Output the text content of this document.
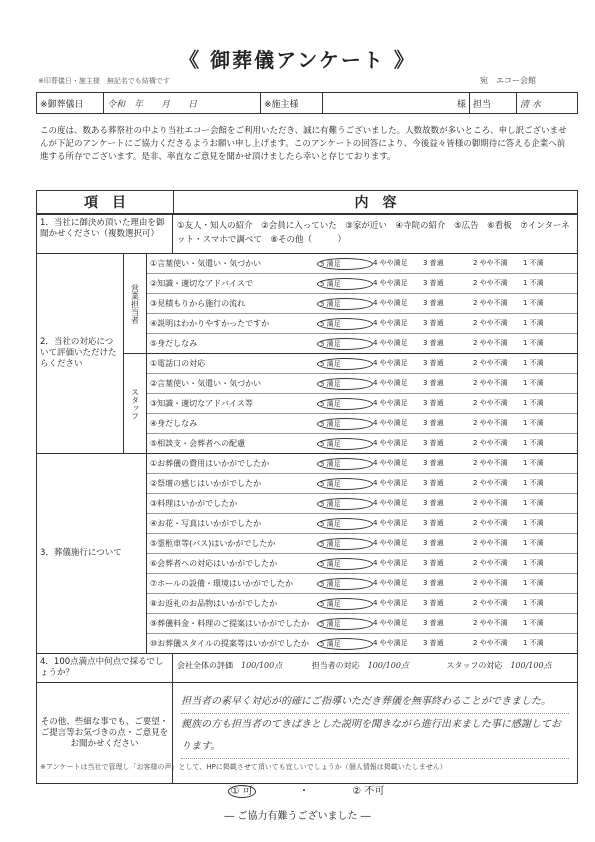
《 御葬儀アンケート 》
※印葬儀日・施主様　無記名でも結構です	宛　エコー会館
※御葬儀日	令和　年　　月　　日	※施主様	様 担当	清 水
この度は、数ある葬祭社の中より当社エコー会館をご利用いただき、誠に有難うございました。人数故数が多いところ、申し訳ございませんが下記のアンケートにご協力くださるようお願い申し上げます。このアンケートの回答により、今後益々皆様の御期待に答える企業へ前進する所存でございます。是非、率直なご意見を聞かせ頂けましたら幸いと存じております。
項　目	内　容
1．当社に御決め頂いた理由を御聞かせください（複数選択可）
①友人・知人の紹介　②会員に入っていた　③家が近い　④寺院の紹介　⑤広告　⑥看板　⑦インターネット・スマホで調べて　⑧その他（　　　）
2．当社の対応について評価いただけたらください
営業担当者
①言葉使い・気遣い・気づかい	5 満足	4 やや満足	3 普通	2 やや不満	1 不満
②知識・適切なアドバイスで	5 満足	4 やや満足	3 普通	2 やや不満	1 不満
③見積もりから施行の流れ	5 満足	4 やや満足	3 普通	2 やや不満	1 不満
④説明はわかりやすかったですか	5 満足	4 やや満足	3 普通	2 やや不満	1 不満
⑤身だしなみ	5 満足	4 やや満足	3 普通	2 やや不満	1 不満
スタッフ
①電話口の対応	5 満足	4 やや満足	3 普通	2 やや不満	1 不満
②言葉使い・気遣い・気づかい	5 満足	4 やや満足	3 普通	2 やや不満	1 不満
③知識・適切なアドバイス等	5 満足	4 やや満足	3 普通	2 やや不満	1 不満
④身だしなみ	5 満足	4 やや満足	3 普通	2 やや不満	1 不満
⑤相談支・会葬者への配慮	5 満足	4 やや満足	3 普通	2 やや不満	1 不満
3．葬儀施行について
①お葬儀の費用はいかがでしたか	5 満足	4 やや満足	3 普通	2 やや不満	1 不満
②祭壇の感じはいかがでしたか	5 満足	4 やや満足	3 普通	2 やや不満	1 不満
③料理はいかがでしたか	5 満足	4 やや満足	3 普通	2 やや不満	1 不満
④お花・写真はいかがでしたか	5 満足	4 やや満足	3 普通	2 やや不満	1 不満
⑤霊柩車等(バス)はいかがでしたか	5 満足	4 やや満足	3 普通	2 やや不満	1 不満
⑥会葬者への対応はいかがでしたか	5 満足	4 やや満足	3 普通	2 やや不満	1 不満
⑦ホールの設備・環境はいかがでしたか	5 満足	4 やや満足	3 普通	2 やや不満	1 不満
⑧お返礼のお品物はいかがでしたか	5 満足	4 やや満足	3 普通	2 やや不満	1 不満
⑨葬儀料金・料理のご提案はいかがでしたか	5 満足	4 やや満足	3 普通	2 やや不満	1 不満
⑩お葬儀スタイルの提案等はいかがでしたか	5 満足	4 やや満足	3 普通	2 やや不満	1 不満
4．100点満点中何点で採るでしょうか？
会社全体の評価 100/100点	担当者の対応 100/100点	スタッフの対応 100/100点
その他、些細な事でも、ご要望・ご提言等お気づきの点・ご意見をお聞かせください
担当者の素早く対応が的確にご指導いただき葬儀を無事終わることができました。
親族の方も担当者のてきぱきとした説明を聞きながら進行出来ました事に感謝しております。
※アンケートは当社で管理し「お客様の声」として、HPに掲載させて頂いても宜しいでしょうか（個人情報は掲載いたしません）
① 可	・	② 不可
― ご協力有難うございました ―
